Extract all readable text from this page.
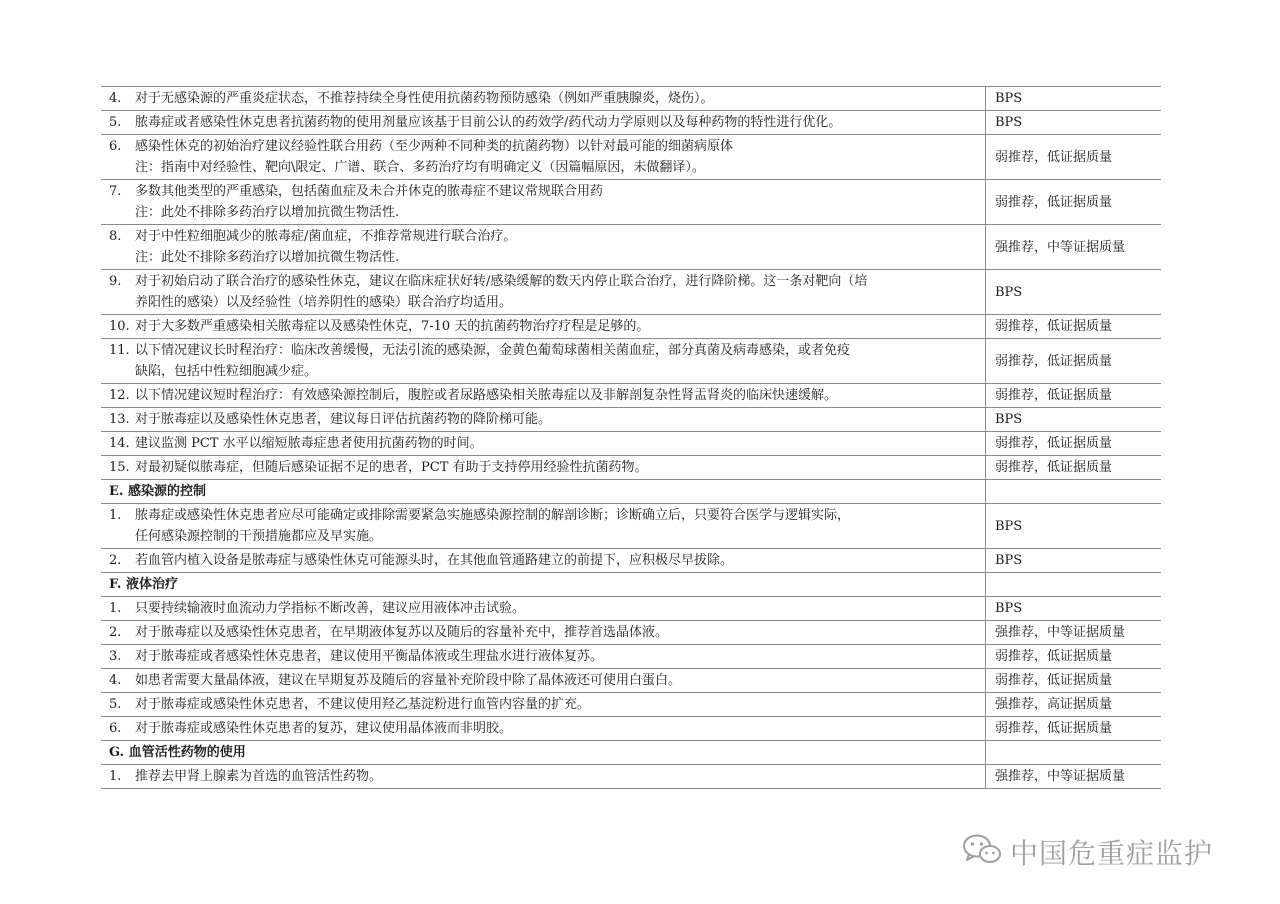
4. 对于无感染源的严重炎症状态，不推荐持续全身性使用抗菌药物预防感染（例如严重胰腺炎，烧伤）。	BPS

5. 脓毒症或者感染性休克患者抗菌药物的使用剂量应该基于目前公认的药效学/药代动力学原则以及每种药物的特性进行优化。	BPS

6. 感染性休克的初始治疗建议经验性联合用药（至少两种不同种类的抗菌药物）以针对最可能的细菌病原体
注：指南中对经验性、靶向\限定、广谱、联合、多药治疗均有明确定义（因篇幅原因，未做翻译）。	弱推荐，低证据质量

7. 多数其他类型的严重感染，包括菌血症及未合并休克的脓毒症不建议常规联合用药
注：此处不排除多药治疗以增加抗微生物活性.	弱推荐，低证据质量

8. 对于中性粒细胞减少的脓毒症/菌血症，不推荐常规进行联合治疗。
注：此处不排除多药治疗以增加抗微生物活性.	强推荐，中等证据质量

9. 对于初始启动了联合治疗的感染性休克，建议在临床症状好转/感染缓解的数天内停止联合治疗，进行降阶梯。这一条对靶向（培
养阳性的感染）以及经验性（培养阴性的感染）联合治疗均适用。	BPS

10. 对于大多数严重感染相关脓毒症以及感染性休克，7-10 天的抗菌药物治疗疗程是足够的。	弱推荐，低证据质量

11. 以下情况建议长时程治疗：临床改善缓慢，无法引流的感染源，金黄色葡萄球菌相关菌血症，部分真菌及病毒感染，或者免疫
缺陷，包括中性粒细胞减少症。	弱推荐，低证据质量

12. 以下情况建议短时程治疗：有效感染源控制后，腹腔或者尿路感染相关脓毒症以及非解剖复杂性肾盂肾炎的临床快速缓解。	弱推荐，低证据质量

13. 对于脓毒症以及感染性休克患者，建议每日评估抗菌药物的降阶梯可能。	BPS

14. 建议监测 PCT 水平以缩短脓毒症患者使用抗菌药物的时间。	弱推荐，低证据质量

15. 对最初疑似脓毒症，但随后感染证据不足的患者，PCT 有助于支持停用经验性抗菌药物。	弱推荐，低证据质量
E. 感染源的控制	

1. 脓毒症或感染性休克患者应尽可能确定或排除需要紧急实施感染源控制的解剖诊断；诊断确立后，只要符合医学与逻辑实际，
任何感染源控制的干预措施都应及早实施。	BPS

2. 若血管内植入设备是脓毒症与感染性休克可能源头时，在其他血管通路建立的前提下，应积极尽早拔除。	BPS
F. 液体治疗	

1. 只要持续输液时血流动力学指标不断改善，建议应用液体冲击试验。	BPS

2. 对于脓毒症以及感染性休克患者，在早期液体复苏以及随后的容量补充中，推荐首选晶体液。	强推荐，中等证据质量

3. 对于脓毒症或者感染性休克患者，建议使用平衡晶体液或生理盐水进行液体复苏。	弱推荐，低证据质量

4. 如患者需要大量晶体液，建议在早期复苏及随后的容量补充阶段中除了晶体液还可使用白蛋白。	弱推荐，低证据质量

5. 对于脓毒症或感染性休克患者，不建议使用羟乙基淀粉进行血管内容量的扩充。	强推荐，高证据质量

6. 对于脓毒症或感染性休克患者的复苏，建议使用晶体液而非明胶。	弱推荐，低证据质量
G. 血管活性药物的使用	

1. 推荐去甲肾上腺素为首选的血管活性药物。	强推荐，中等证据质量
中国危重症监护
